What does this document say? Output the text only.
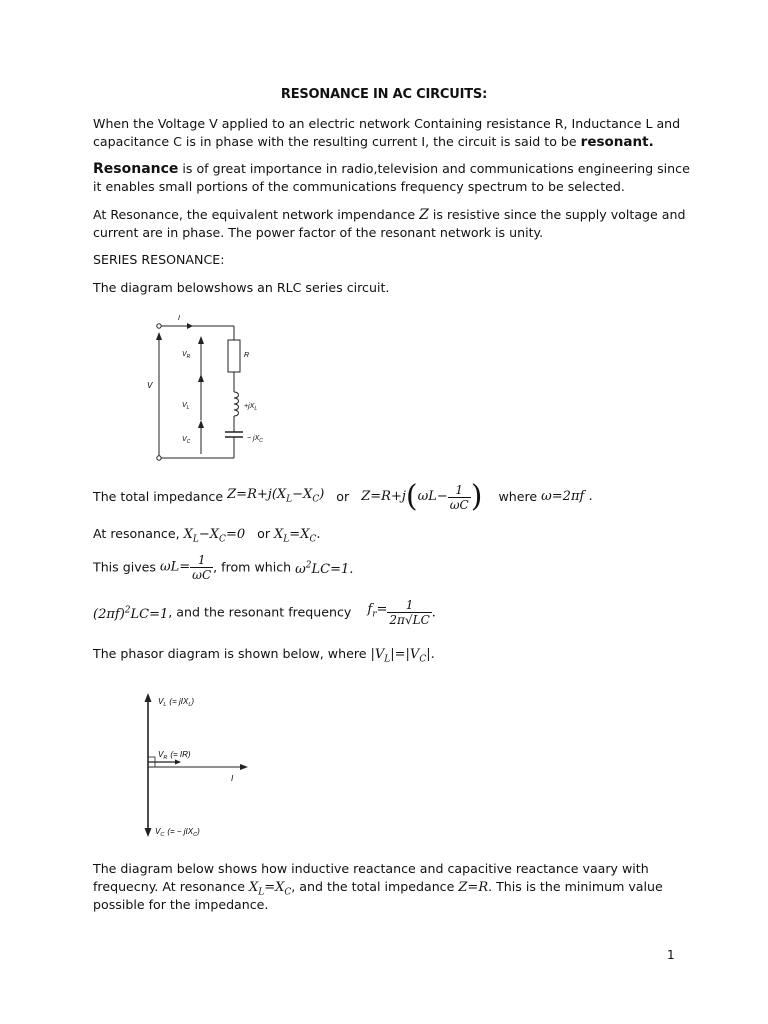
RESONANCE IN AC CIRCUITS:
When the Voltage V applied to an electric network Containing resistance R, Inductance L and capacitance C is in phase with the resulting current I, the circuit is said to be resonant.
Resonance is of great importance in radio,television and communications engineering since it enables small portions of the communications frequency spectrum to be selected.
At Resonance, the equivalent network impendance Z is resistive since the supply voltage and current are in phase. The power factor of the resonant network is unity.
SERIES RESONANCE:
The diagram belowshows an RLC series circuit.
I
V
$V_R$
$V_L$
$V_C$
R
$+jX_L$
− $jX_C$
The total impedance $Z=R+j(X_L-X_C)$ or $Z=R+j(\omega L- \frac{1}{\omega C}$ ) where ω=2πf .
At resonance, $X_L-X_C=0$ or $X_L=X_C$.
This gives $\omega L= \frac{1}{\omega C}$ , from which $\omega^2LC=1$.
$(2\pi f)^2LC=1$, and the resonant frequency $f_r= \frac{1}{2\pi√LC}$ .
The phasor diagram is shown below, where $|V_L|=|V_C|$.
$V_L$ (= jIX$_L$)
$V_R$ (= IR)
I
$V_C$ (= − jIX$_C$)
The diagram below shows how inductive reactance and capacitive reactance vaary with
frequecny. At resonance $X_L=X_C$, and the total impedance Z=R. This is the minimum value
possible for the impedance.
1
